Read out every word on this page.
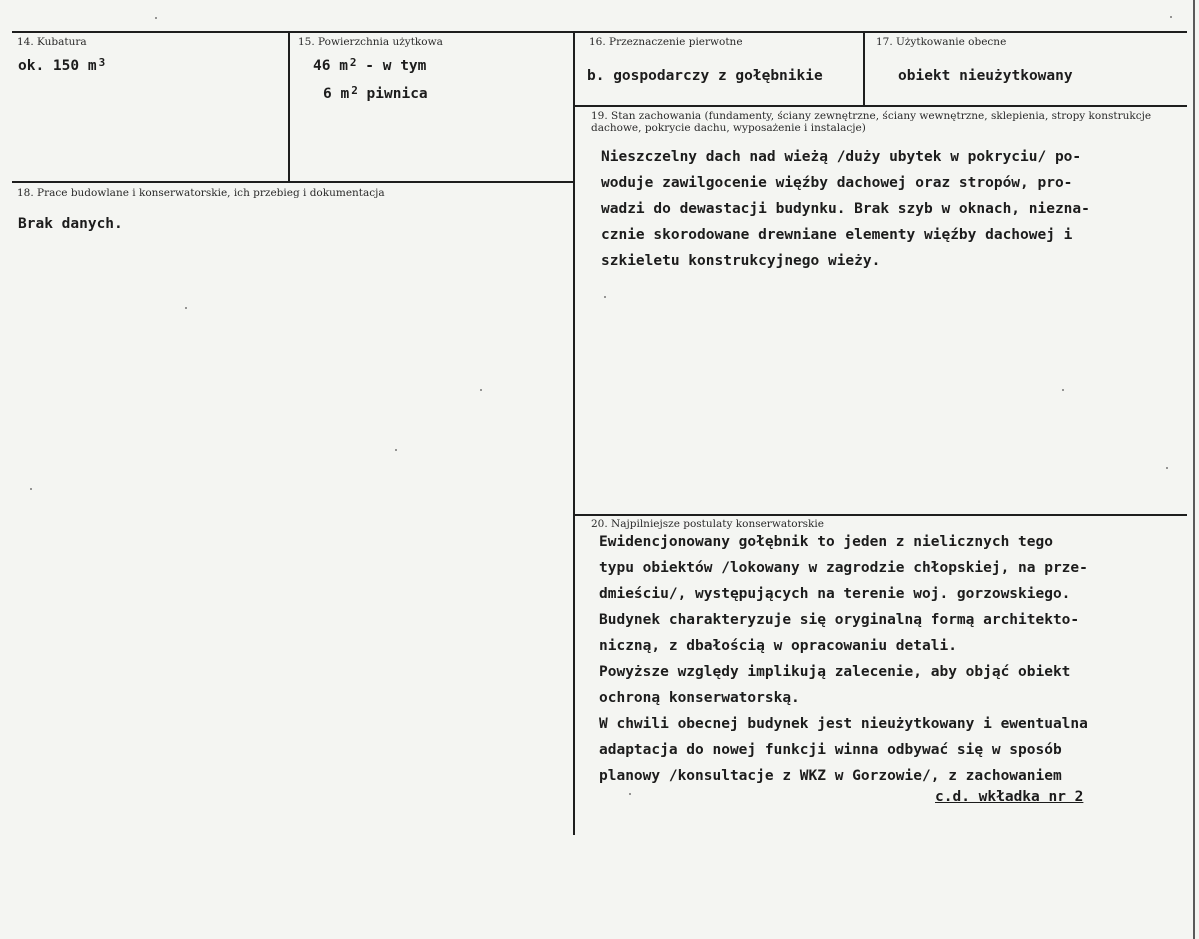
14. Kubatura
ok. 150 m $^3$
15. Powierzchnia użytkowa
46 m $^2$ - w tym
6 m $^2$ piwnica
16. Przeznaczenie pierwotne
b. gospodarczy z gołębnikie
17. Użytkowanie obecne
obiekt nieużytkowany
18. Prace budowlane i konserwatorskie, ich przebieg i dokumentacja
Brak danych.
19. Stan zachowania (fundamenty, ściany zewnętrzne, ściany wewnętrzne, sklepienia, stropy konstrukcje dachowe, pokrycie dachu, wyposażenie i instalacje)
Nieszczelny dach nad wieżą /duży ubytek w pokryciu/ po-
woduje zawilgocenie więźby dachowej oraz stropów, pro-
wadzi do dewastacji budynku. Brak szyb w oknach, niezna-
cznie skorodowane drewniane elementy więźby dachowej i
szkieletu konstrukcyjnego wieży.
20. Najpilniejsze postulaty konserwatorskie
Ewidencjonowany gołębnik to jeden z nielicznych tego
typu obiektów /lokowany w zagrodzie chłopskiej, na prze-
dmieściu/, występujących na terenie woj. gorzowskiego.
Budynek charakteryzuje się oryginalną formą architekto-
niczną, z dbałością w opracowaniu detali.
Powyższe względy implikują zalecenie, aby objąć obiekt
ochroną konserwatorską.
W chwili obecnej budynek jest nieużytkowany i ewentualna
adaptacja do nowej funkcji winna odbywać się w sposób
planowy /konsultacje z WKZ w Gorzowie/, z zachowaniem
c.d. wkładka nr 2
